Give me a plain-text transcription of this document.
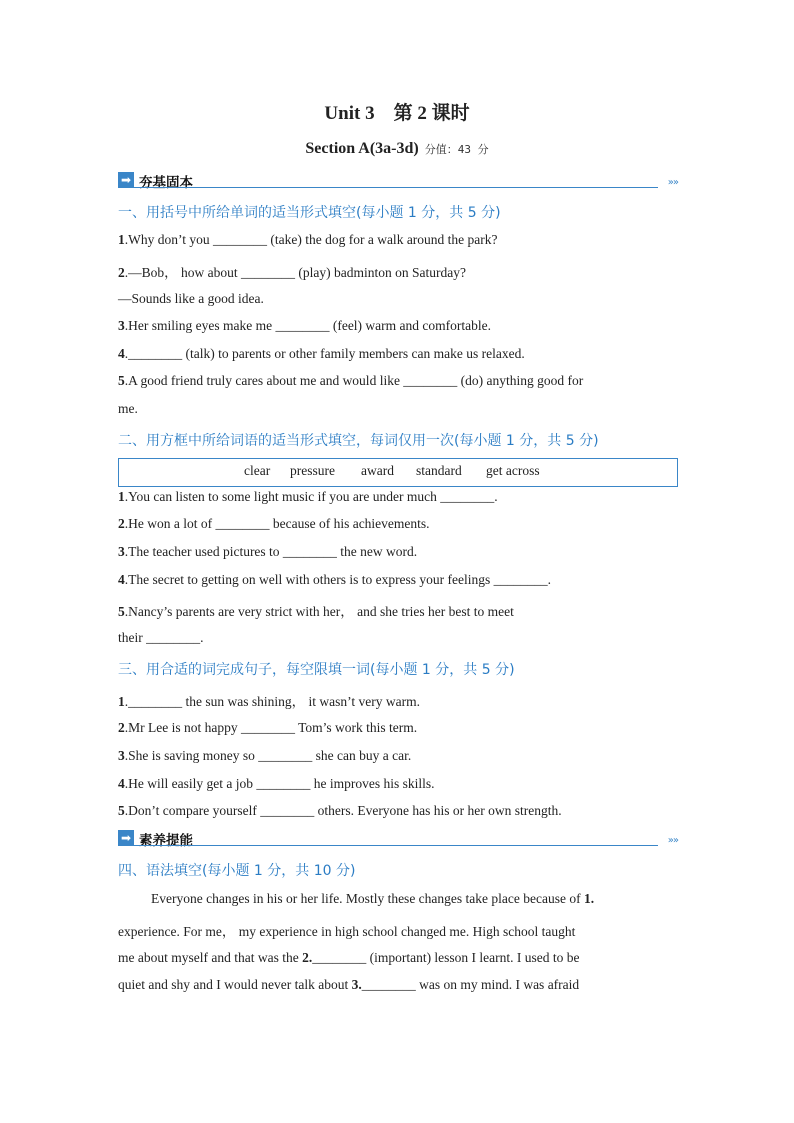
Unit 3　第 2 课时
Section A(3a-3d) 分值：43 分
➡ 夯基固本	»»
一、用括号中所给单词的适当形式填空(每小题 1 分，共 5 分)
1.Why don’t you ________ (take) the dog for a walk around the park?
2.—Bob， how about ________ (play) badminton on Saturday?
—Sounds like a good idea.
3.Her smiling eyes make me ________ (feel) warm and comfortable.
4.________ (talk) to parents or other family members can make us relaxed.
5.A good friend truly cares about me and would like ________ (do) anything good for
me.
二、用方框中所给词语的适当形式填空，每词仅用一次(每小题 1 分，共 5 分)
clear pressure award standard get across
1.You can listen to some light music if you are under much ________.
2.He won a lot of ________ because of his achievements.
3.The teacher used pictures to ________ the new word.
4.The secret to getting on well with others is to express your feelings ________.
5.Nancy’s parents are very strict with her， and she tries her best to meet
their ________.
三、用合适的词完成句子，每空限填一词(每小题 1 分，共 5 分)
1.________ the sun was shining， it wasn’t very warm.
2.Mr Lee is not happy ________ Tom’s work this term.
3.She is saving money so ________ she can buy a car.
4.He will easily get a job ________ he improves his skills.
5.Don’t compare yourself ________ others. Everyone has his or her own strength.
➡ 素养提能	»»
四、语法填空(每小题 1 分，共 10 分)
Everyone changes in his or her life. Mostly these changes take place because of 1.
experience. For me， my experience in high school changed me. High school taught
me about myself and that was the 2.________ (important) lesson I learnt. I used to be
quiet and shy and I would never talk about 3.________ was on my mind. I was afraid
